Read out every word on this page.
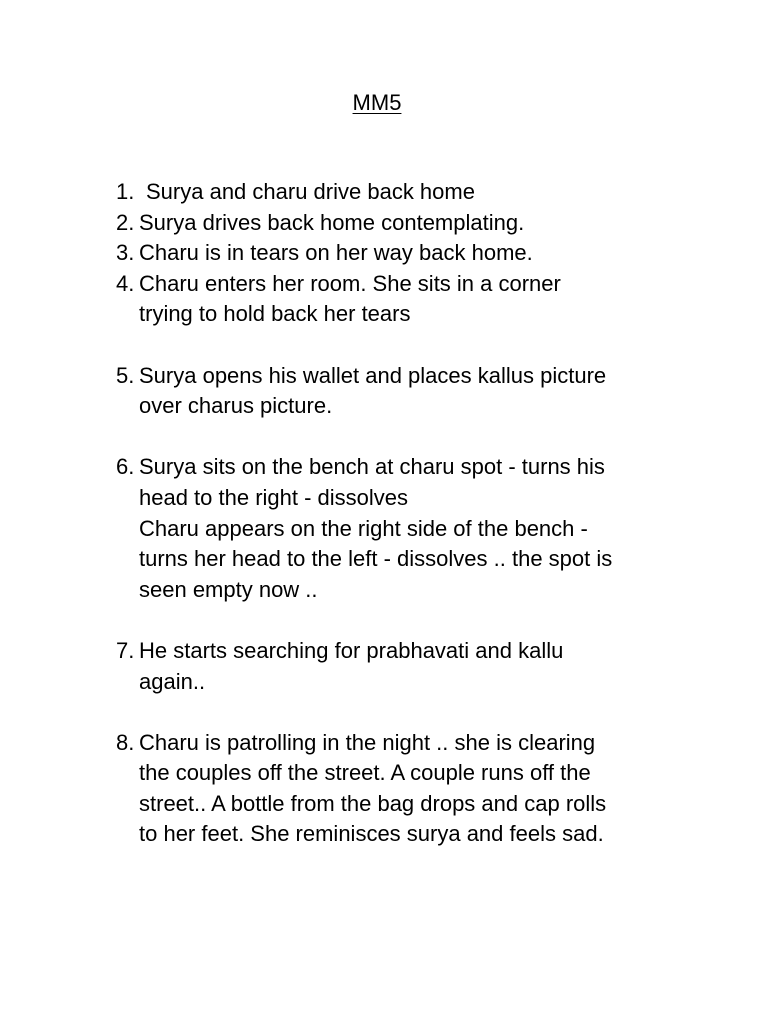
MM5
1. Surya and charu drive back home
2. Surya drives back home contemplating.
3. Charu is in tears on her way back home.
4. Charu enters her room. She sits in a corner
trying to hold back her tears
5. Surya opens his wallet and places kallus picture
over charus picture.
6. Surya sits on the bench at charu spot - turns his
head to the right - dissolves
Charu appears on the right side of the bench -
turns her head to the left - dissolves .. the spot is
seen empty now ..
7. He starts searching for prabhavati and kallu
again..
8. Charu is patrolling in the night .. she is clearing
the couples off the street. A couple runs off the
street.. A bottle from the bag drops and cap rolls
to her feet. She reminisces surya and feels sad.
